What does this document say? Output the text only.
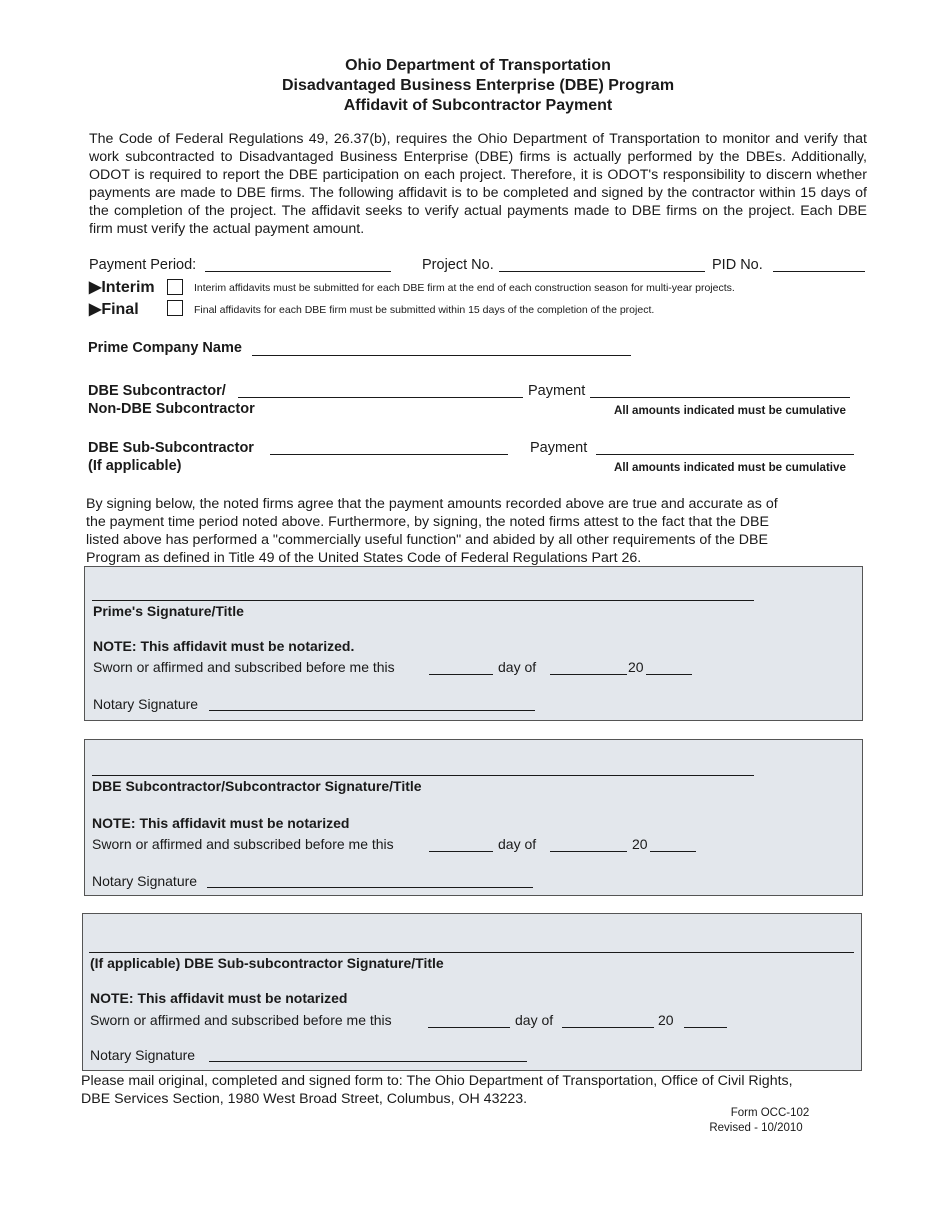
Ohio Department of Transportation
Disadvantaged Business Enterprise (DBE) Program
Affidavit of Subcontractor Payment
The Code of Federal Regulations 49, 26.37(b), requires the Ohio Department of Transportation to monitor and verify that work subcontracted to Disadvantaged Business Enterprise (DBE) firms is actually performed by the DBEs. Additionally, ODOT is required to report the DBE participation on each project. Therefore, it is ODOT's responsibility to discern whether payments are made to DBE firms. The following affidavit is to be completed and signed by the contractor within 15 days of the completion of the project. The affidavit seeks to verify actual payments made to DBE firms on the project. Each DBE firm must verify the actual payment amount.
Payment Period:	Project No.	PID No.
▶Interim	Interim affidavits must be submitted for each DBE firm at the end of each construction season for multi-year projects.
▶Final	Final affidavits for each DBE firm must be submitted within 15 days of the completion of the project.
Prime Company Name
DBE Subcontractor/
Non-DBE Subcontractor
Payment
All amounts indicated must be cumulative
DBE Sub-Subcontractor
(If applicable)
Payment
All amounts indicated must be cumulative
By signing below, the noted firms agree that the payment amounts recorded above are true and accurate as of
the payment time period noted above. Furthermore, by signing, the noted firms attest to the fact that the DBE
listed above has performed a "commercially useful function" and abided by all other requirements of the DBE
Program as defined in Title 49 of the United States Code of Federal Regulations Part 26.
Prime's Signature/Title
NOTE: This affidavit must be notarized.
Sworn or affirmed and subscribed before me this	day of	20
Notary Signature
DBE Subcontractor/Subcontractor Signature/Title
NOTE: This affidavit must be notarized
Sworn or affirmed and subscribed before me this	day of	20
Notary Signature
(If applicable) DBE Sub-subcontractor Signature/Title
NOTE: This affidavit must be notarized
Sworn or affirmed and subscribed before me this	day of	20
Notary Signature
Please mail original, completed and signed form to: The Ohio Department of Transportation, Office of Civil Rights,
DBE Services Section, 1980 West Broad Street, Columbus, OH 43223.
Form OCC-102
Revised - 10/2010
